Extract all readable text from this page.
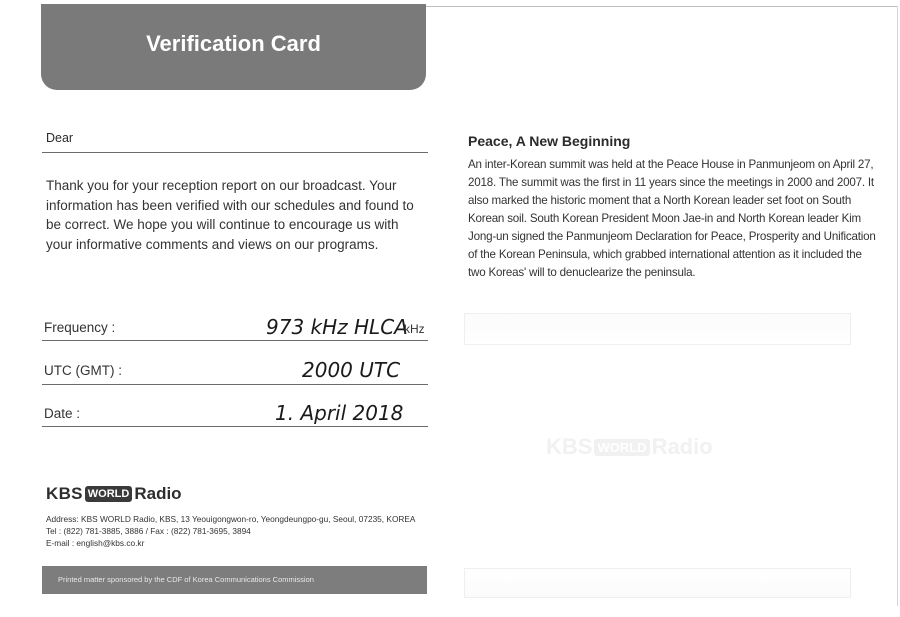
Verification Card
Dear
Thank you for your reception report on our broadcast. Your information has been verified with our schedules and found to be correct. We hope you will continue to encourage us with your informative comments and views on our programs.
Frequency :	973 kHz HLCA
kHz
UTC (GMT) :	2000 UTC
Date :	1. April 2018
KBS WORLD Radio
Address: KBS WORLD Radio, KBS, 13 Yeouigongwon-ro, Yeongdeungpo-gu, Seoul, 07235, KOREA
Tel : (822) 781-3885, 3886 / Fax : (822) 781-3695, 3894
E-mail : english@kbs.co.kr
Printed matter sponsored by the CDF of Korea Communications Commission
Peace, A New Beginning
An inter-Korean summit was held at the Peace House in Panmunjeom on April 27, 2018. The summit was the first in 11 years since the meetings in 2000 and 2007. It also marked the historic moment that a North Korean leader set foot on South Korean soil. South Korean President Moon Jae-in and North Korean leader Kim Jong-un signed the Panmunjeom Declaration for Peace, Prosperity and Unification of the Korean Peninsula, which grabbed international attention as it included the two Koreas' will to denuclearize the peninsula.
KBS WORLD Radio
